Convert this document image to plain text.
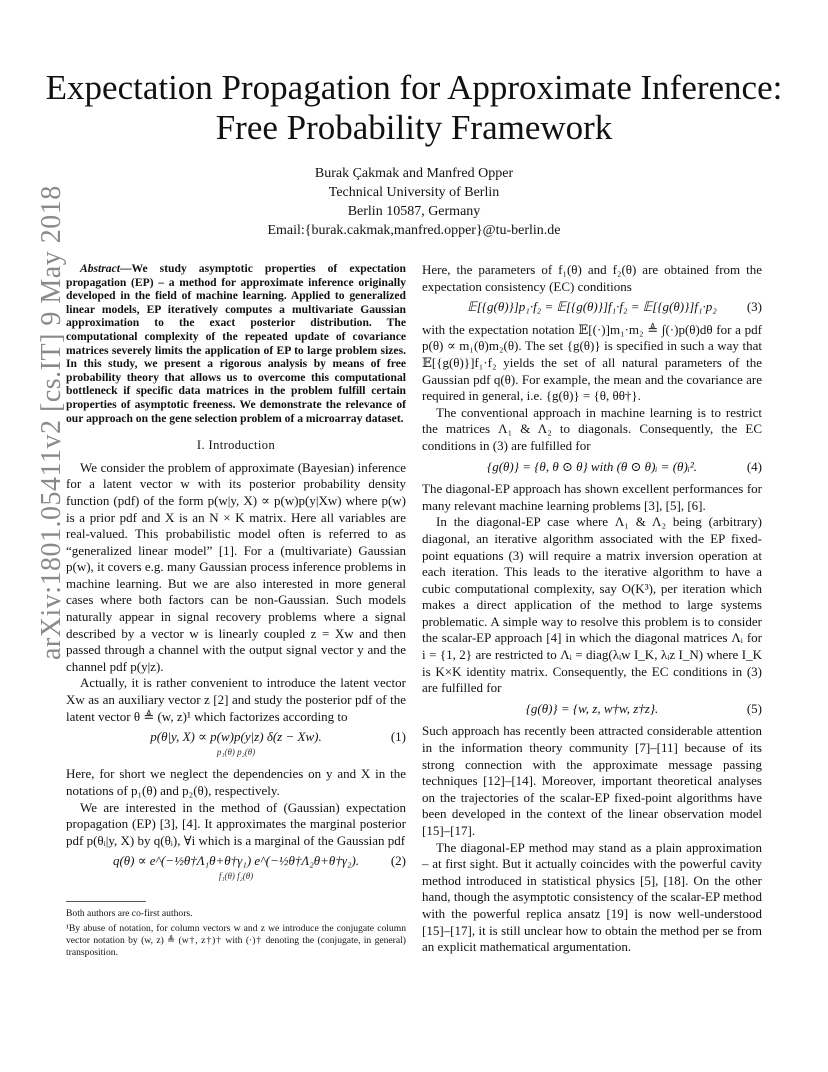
arXiv:1801.05411v2 [cs.IT] 9 May 2018
Expectation Propagation for Approximate Inference:
Free Probability Framework
Burak Çakmak and Manfred Opper
Technical University of Berlin
Berlin 10587, Germany
Email:{burak.cakmak,manfred.opper}@tu-berlin.de

Abstract—We study asymptotic properties of expectation propagation (EP) – a method for approximate inference originally developed in the field of machine learning. Applied to generalized linear models, EP iteratively computes a multivariate Gaussian approximation to the exact posterior distribution. The computational complexity of the repeated update of covariance matrices severely limits the application of EP to large problem sizes. In this study, we present a rigorous analysis by means of free probability theory that allows us to overcome this computational bottleneck if specific data matrices in the problem fulfill certain properties of asymptotic freeness. We demonstrate the relevance of our approach on the gene selection problem of a microarray dataset.

I. Introduction

We consider the problem of approximate (Bayesian) inference for a latent vector w with its posterior probability density function (pdf) of the form p(w|y, X) ∝ p(w)p(y|Xw) where p(w) is a prior pdf and X is an N × K matrix. Here all variables are real-valued. This probabilistic model often is referred to as “generalized linear model” [1]. For a (multivariate) Gaussian p(w), it covers e.g. many Gaussian process inference problems in machine learning. But we are also interested in more general cases where both factors can be non-Gaussian. Such models naturally appear in signal recovery problems where a signal described by a vector w is linearly coupled z = Xw and then passed through a channel with the output signal vector y and the channel pdf p(y|z).

Actually, it is rather convenient to introduce the latent vector Xw as an auxiliary vector z [2] and study the posterior pdf of the latent vector θ ≜ (w, z)¹ which factorizes according to

p(θ|y, X) ∝ p(w)p(y|z) δ(z − Xw).	(1)
p₁(θ) p₂(θ)

Here, for short we neglect the dependencies on y and X in the notations of p₁(θ) and p₂(θ), respectively.

We are interested in the method of (Gaussian) expectation propagation (EP) [3], [4]. It approximates the marginal posterior pdf p(θᵢ|y, X) by q(θᵢ), ∀i which is a marginal of the Gaussian pdf

q(θ) ∝ e^(−½θ†Λ₁θ+θ†γ₁) e^(−½θ†Λ₂θ+θ†γ₂). (2)
f₁(θ) f₂(θ)

Both authors are co-first authors.

¹By abuse of notation, for column vectors w and z we introduce the conjugate column vector notation by (w, z) ≜ (w†, z†)† with (·)† denoting the (conjugate, in general) transposition.

Here, the parameters of f₁(θ) and f₂(θ) are obtained from the expectation consistency (EC) conditions

𝔼[{g(θ)}]p₁·f₂ = 𝔼[{g(θ)}]f₁·f₂ = 𝔼[{g(θ)}]f₁·p₂ (3)

with the expectation notation 𝔼[(·)]m₁·m₂ ≜ ∫(·)p(θ)dθ for a pdf p(θ) ∝ m₁(θ)m₂(θ). The set {g(θ)} is specified in such a way that 𝔼[{g(θ)}]f₁·f₂ yields the set of all natural parameters of the Gaussian pdf q(θ). For example, the mean and the covariance are required in general, i.e. {g(θ)} = {θ, θθ†}.

The conventional approach in machine learning is to restrict the matrices Λ₁ & Λ₂ to diagonals. Consequently, the EC conditions in (3) are fulfilled for

{g(θ)} = {θ, θ ⊙ θ} with (θ ⊙ θ)ᵢ = (θ)ᵢ².	(4)

The diagonal-EP approach has shown excellent performances for many relevant machine learning problems [3], [5], [6].

In the diagonal-EP case where Λ₁ & Λ₂ being (arbitrary) diagonal, an iterative algorithm associated with the EP fixed-point equations (3) will require a matrix inversion operation at each iteration. This leads to the iterative algorithm to have a cubic computational complexity, say O(K³), per iteration which makes a direct application of the method to large systems problematic. A simple way to resolve this problem is to consider the scalar-EP approach [4] in which the diagonal matrices Λᵢ for i = {1, 2} are restricted to Λᵢ = diag(λᵢw I_K, λᵢz I_N) where I_K is K×K identity matrix. Consequently, the EC conditions in (3) are fulfilled for

{g(θ)} = {w, z, w†w, z†z}.	(5)

Such approach has recently been attracted considerable attention in the information theory community [7]–[11] because of its strong connection with the approximate message passing techniques [12]–[14]. Moreover, important theoretical analyses on the trajectories of the scalar-EP fixed-point algorithms have been developed in the context of the linear observation model [15]–[17].

The diagonal-EP method may stand as a plain approximation – at first sight. But it actually coincides with the powerful cavity method introduced in statistical physics [5], [18]. On the other hand, though the asymptotic consistency of the scalar-EP method with the powerful replica ansatz [19] is now well-understood [15]–[17], it is still unclear how to obtain the method per se from an explicit mathematical argumentation.
